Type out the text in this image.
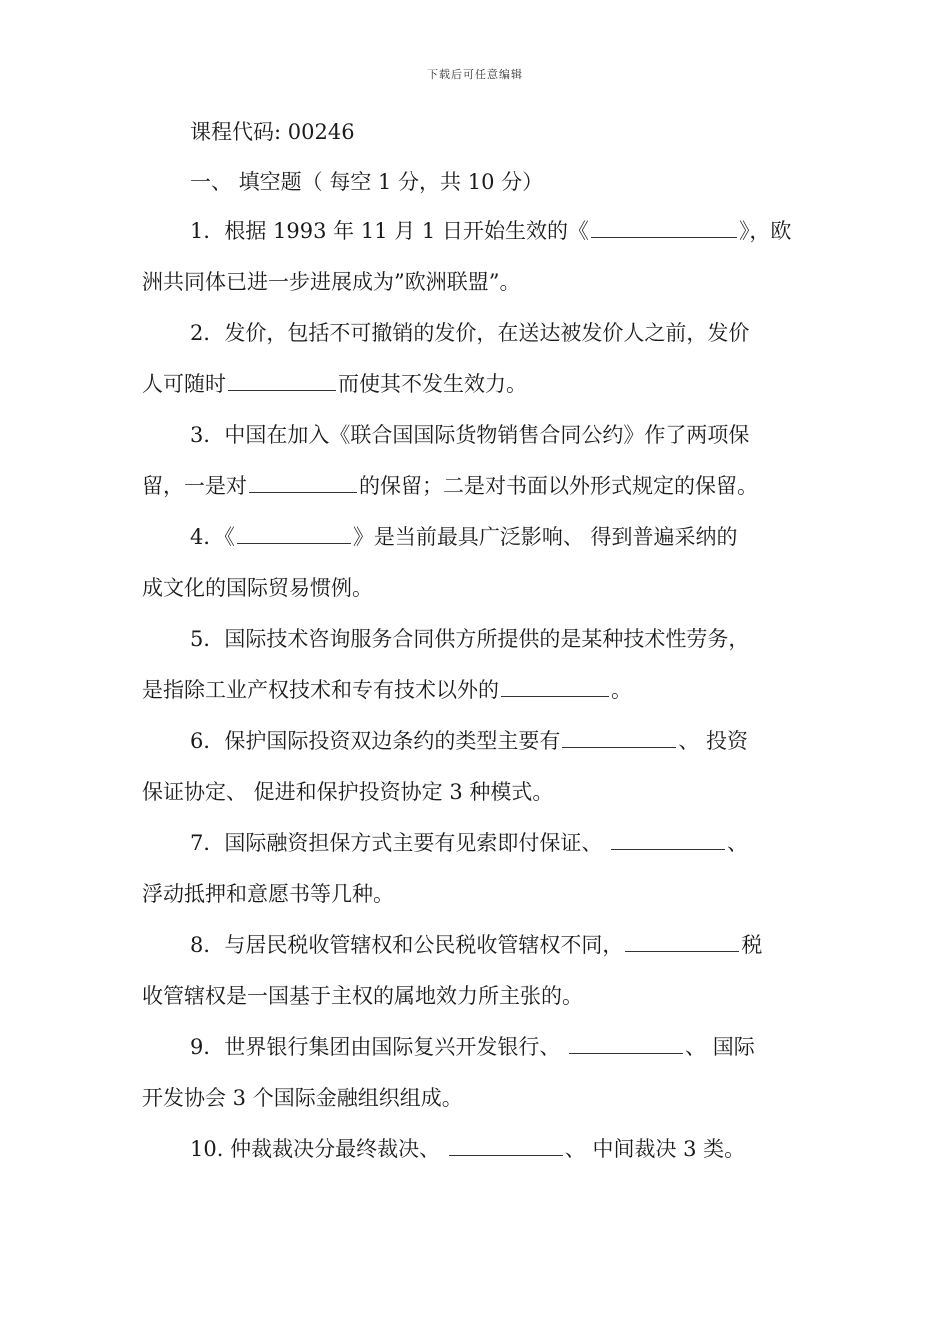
下载后可任意编辑
课程代码: 00246
一、 填空题（ 每空 1 分，共 10 分）
1．根据 1993 年 11 月 1 日开始生效的《	》，欧
洲共同体已进一步进展成为”欧洲联盟”。
2．发价，包括不可撤销的发价，在送达被发价人之前，发价
人可随时	而使其不发生效力。
3．中国在加入《联合国国际货物销售合同公约》作了两项保
留，一是对	的保留；二是对书面以外形式规定的保留。
4．《	》是当前最具广泛影响、 得到普遍采纳的
成文化的国际贸易惯例。
5．国际技术咨询服务合同供方所提供的是某种技术性劳务，
是指除工业产权技术和专有技术以外的	。
6．保护国际投资双边条约的类型主要有	、 投资
保证协定、 促进和保护投资协定 3 种模式。
7．国际融资担保方式主要有见索即付保证、	、
浮动抵押和意愿书等几种。
8．与居民税收管辖权和公民税收管辖权不同，	税
收管辖权是一国基于主权的属地效力所主张的。
9．世界银行集团由国际复兴开发银行、	、 国际
开发协会 3 个国际金融组织组成。
10. 仲裁裁决分最终裁决、	、 中间裁决 3 类。
